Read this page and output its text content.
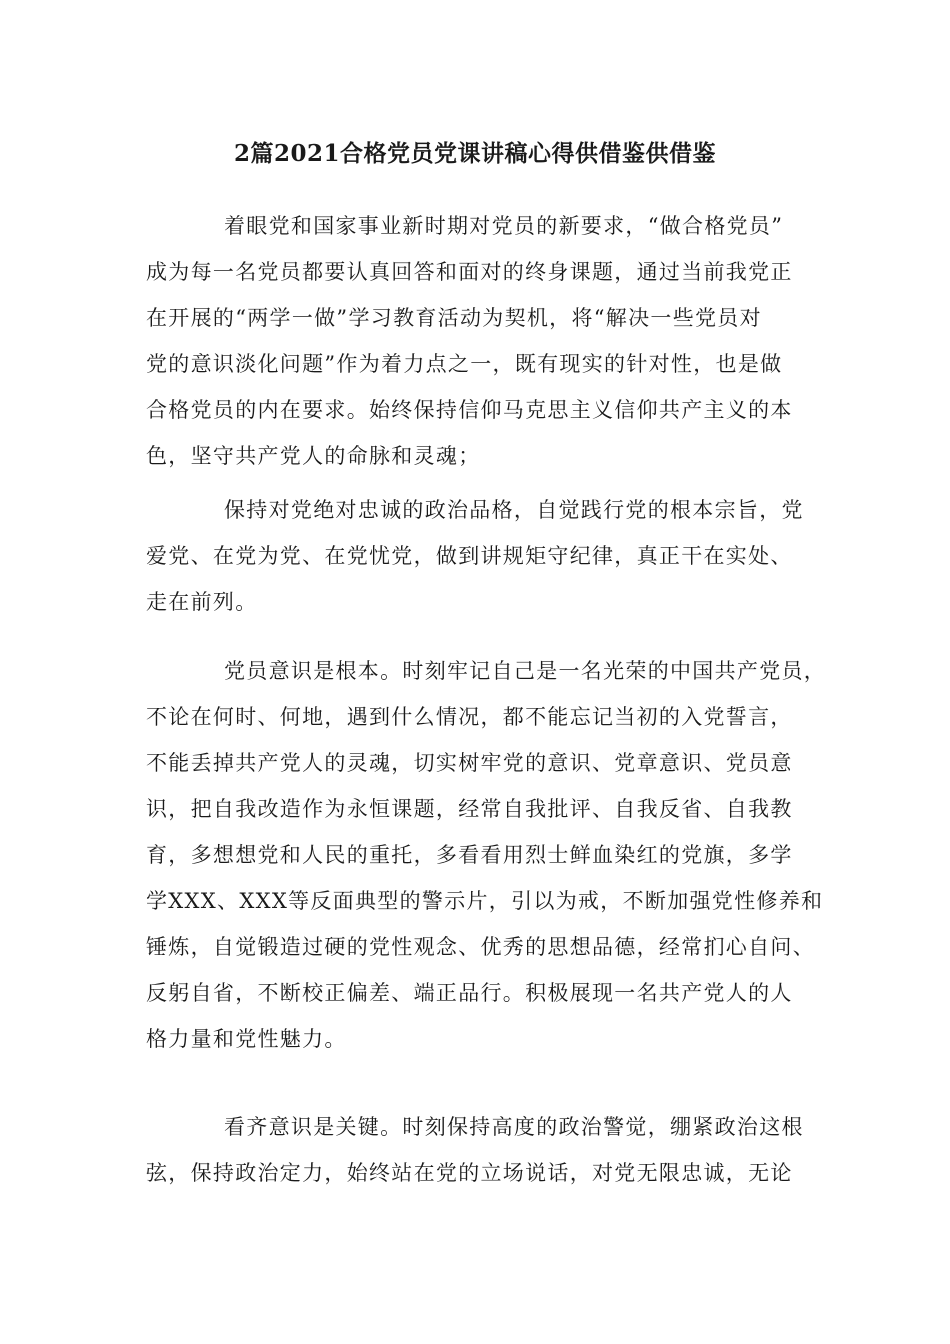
2篇2021合格党员党课讲稿心得供借鉴供借鉴
着眼党和国家事业新时期对党员的新要求，“做合格党员”
成为每一名党员都要认真回答和面对的终身课题，通过当前我党正
在开展的“两学一做”学习教育活动为契机，将“解决一些党员对
党的意识淡化问题”作为着力点之一，既有现实的针对性，也是做
合格党员的内在要求。始终保持信仰马克思主义信仰共产主义的本
色，坚守共产党人的命脉和灵魂；
保持对党绝对忠诚的政治品格，自觉践行党的根本宗旨，党
爱党、在党为党、在党忧党，做到讲规矩守纪律，真正干在实处、
走在前列。
党员意识是根本。时刻牢记自己是一名光荣的中国共产党员，
不论在何时、何地，遇到什么情况，都不能忘记当初的入党誓言，
不能丢掉共产党人的灵魂，切实树牢党的意识、党章意识、党员意
识，把自我改造作为永恒课题，经常自我批评、自我反省、自我教
育，多想想党和人民的重托，多看看用烈士鲜血染红的党旗，多学
学XXX、XXX等反面典型的警示片，引以为戒，不断加强党性修养和
锤炼，自觉锻造过硬的党性观念、优秀的思想品德，经常扪心自问、
反躬自省，不断校正偏差、端正品行。积极展现一名共产党人的人
格力量和党性魅力。
看齐意识是关键。时刻保持高度的政治警觉，绷紧政治这根
弦，保持政治定力，始终站在党的立场说话，对党无限忠诚，无论
